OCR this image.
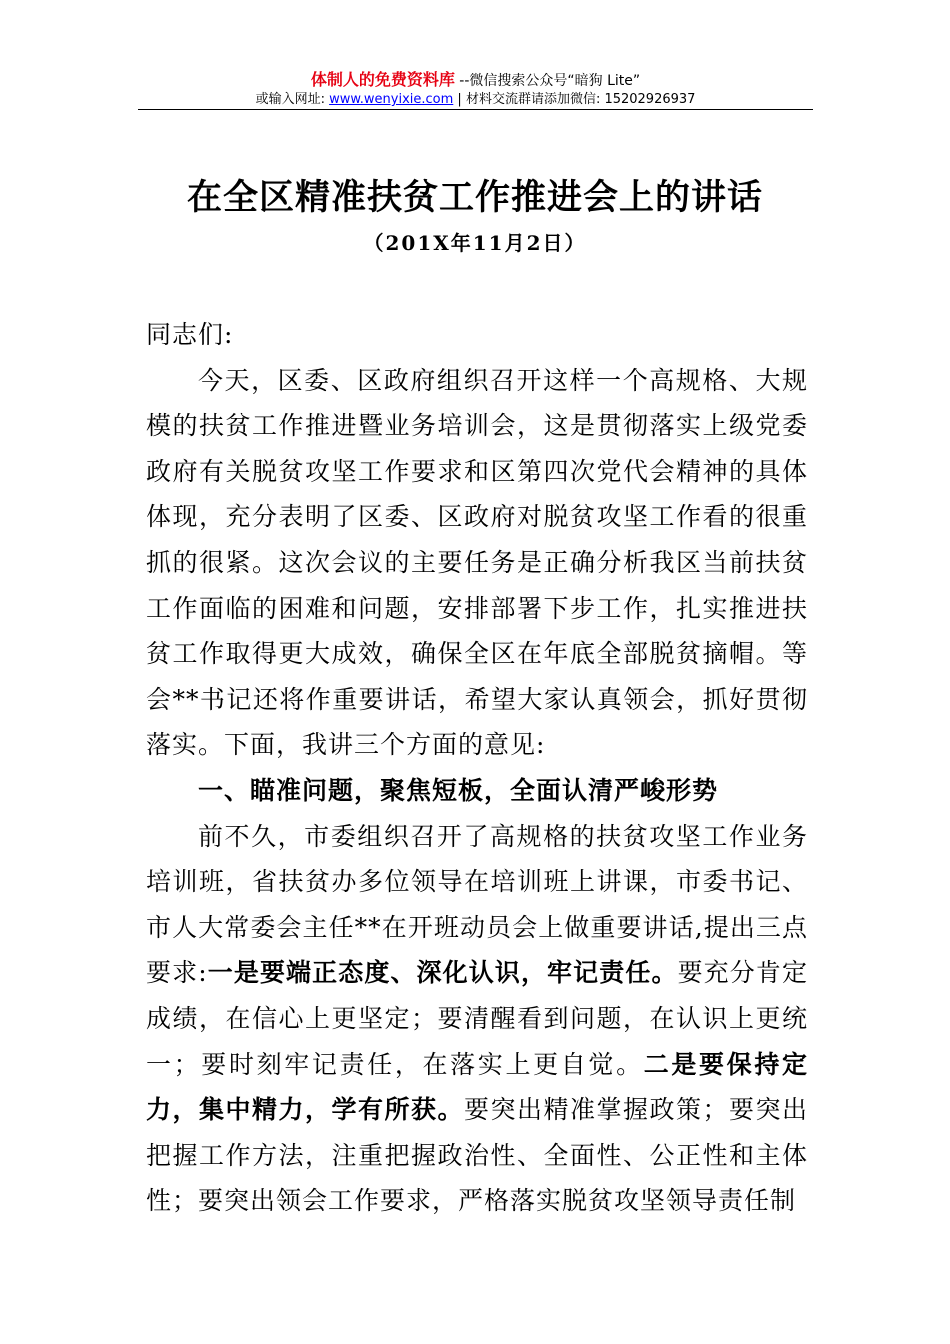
体制人的免费资料库 --微信搜索公众号“暗狗 Lite”
或输入网址: www.wenyixie.com | 材料交流群请添加微信: 15202926937
在全区精准扶贫工作推进会上的讲话
（201X年11月2日）

同志们:

今天，区委、区政府组织召开这样一个高规格、大规模的扶贫工作推进暨业务培训会，这是贯彻落实上级党委政府有关脱贫攻坚工作要求和区第四次党代会精神的具体体现，充分表明了区委、区政府对脱贫攻坚工作看的很重抓的很紧。这次会议的主要任务是正确分析我区当前扶贫工作面临的困难和问题，安排部署下步工作，扎实推进扶贫工作取得更大成效，确保全区在年底全部脱贫摘帽。等会**书记还将作重要讲话，希望大家认真领会，抓好贯彻落实。下面，我讲三个方面的意见:

一、瞄准问题，聚焦短板，全面认清严峻形势

前不久，市委组织召开了高规格的扶贫攻坚工作业务培训班，省扶贫办多位领导在培训班上讲课，市委书记、市人大常委会主任**在开班动员会上做重要讲话,提出三点要求:一是要端正态度、深化认识，牢记责任。要充分肯定成绩，在信心上更坚定；要清醒看到问题，在认识上更统一；要时刻牢记责任，在落实上更自觉。二是要保持定力，集中精力，学有所获。要突出精准掌握政策；要突出把握工作方法，注重把握政治性、全面性、公正性和主体性；要突出领会工作要求，严格落实脱贫攻坚领导责任制
